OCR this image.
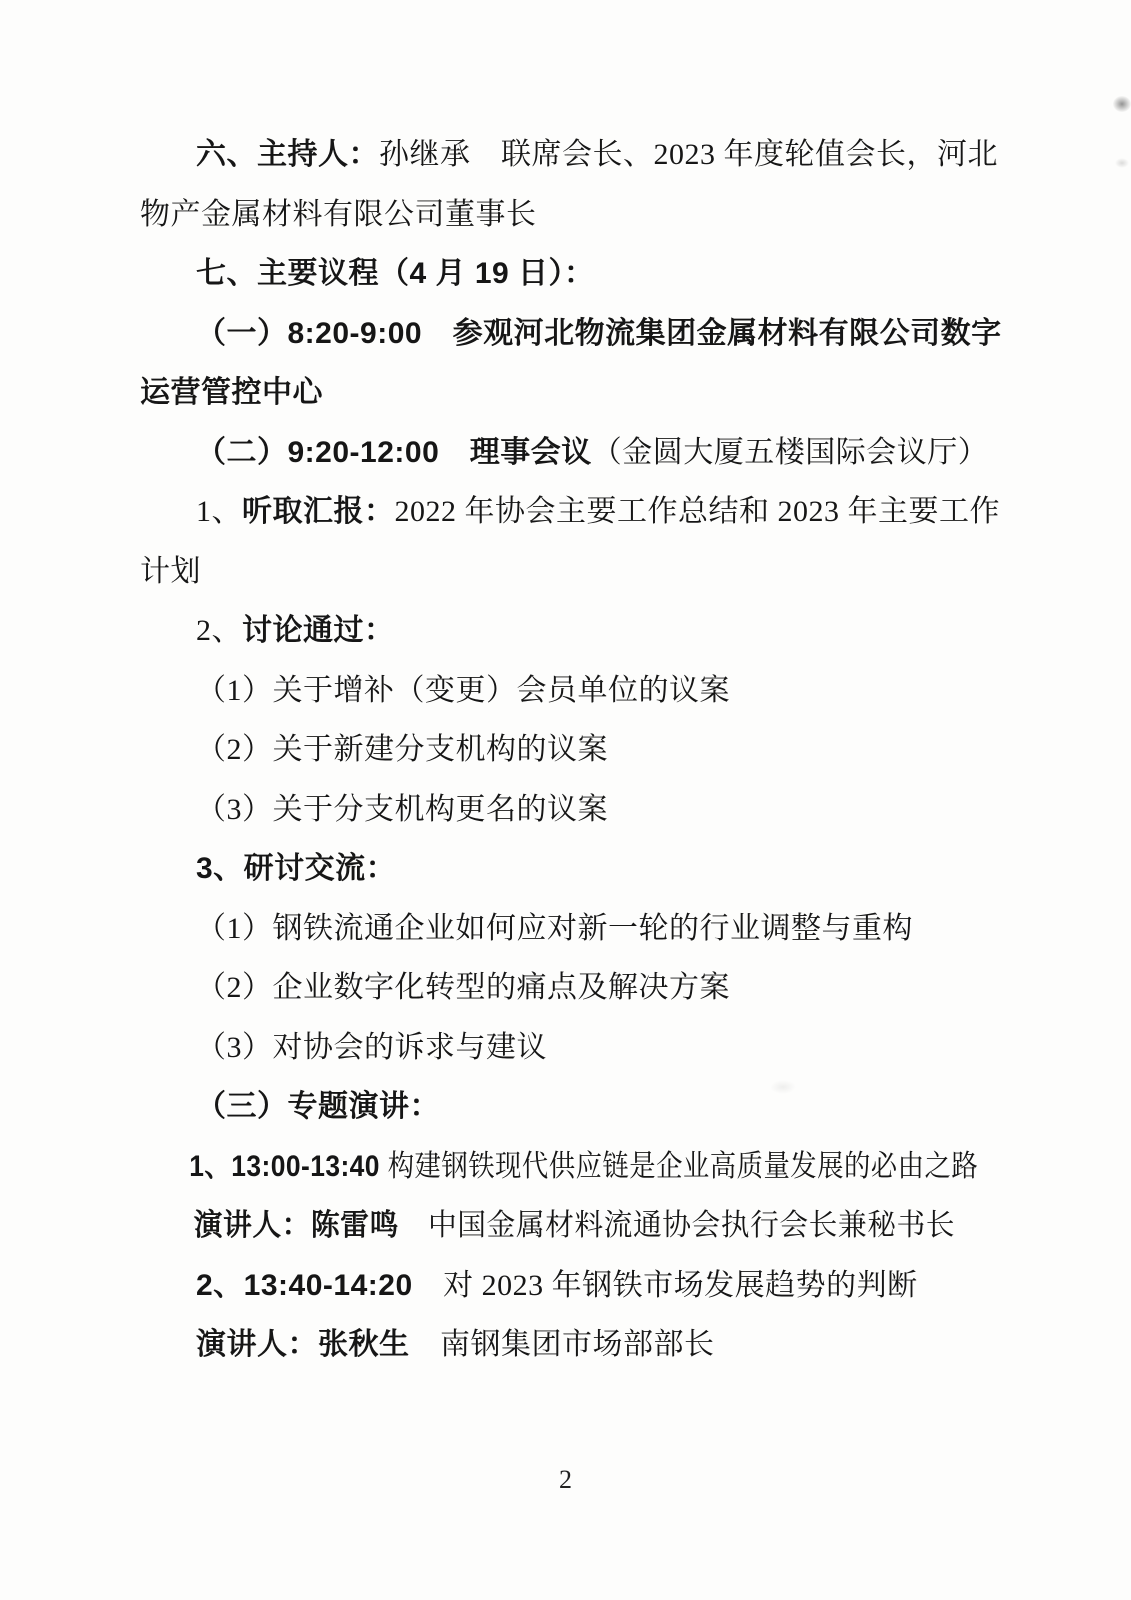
六、主持人：孙继承　联席会长、2023 年度轮值会长，河北
物产金属材料有限公司董事长
七、主要议程（4 月 19 日）：
（一）8:20-9:00　参观河北物流集团金属材料有限公司数字
运营管控中心
（二）9:20-12:00　理事会议（金圆大厦五楼国际会议厅）
1、听取汇报：2022 年协会主要工作总结和 2023 年主要工作
计划
2、讨论通过：
（1）关于增补（变更）会员单位的议案
（2）关于新建分支机构的议案
（3）关于分支机构更名的议案
3、研讨交流：
（1）钢铁流通企业如何应对新一轮的行业调整与重构
（2）企业数字化转型的痛点及解决方案
（3）对协会的诉求与建议
（三）专题演讲：
1、13:00-13:40 构建钢铁现代供应链是企业高质量发展的必由之路
演讲人：陈雷鸣　中国金属材料流通协会执行会长兼秘书长
2、13:40-14:20　对 2023 年钢铁市场发展趋势的判断
演讲人：张秋生　南钢集团市场部部长
2
